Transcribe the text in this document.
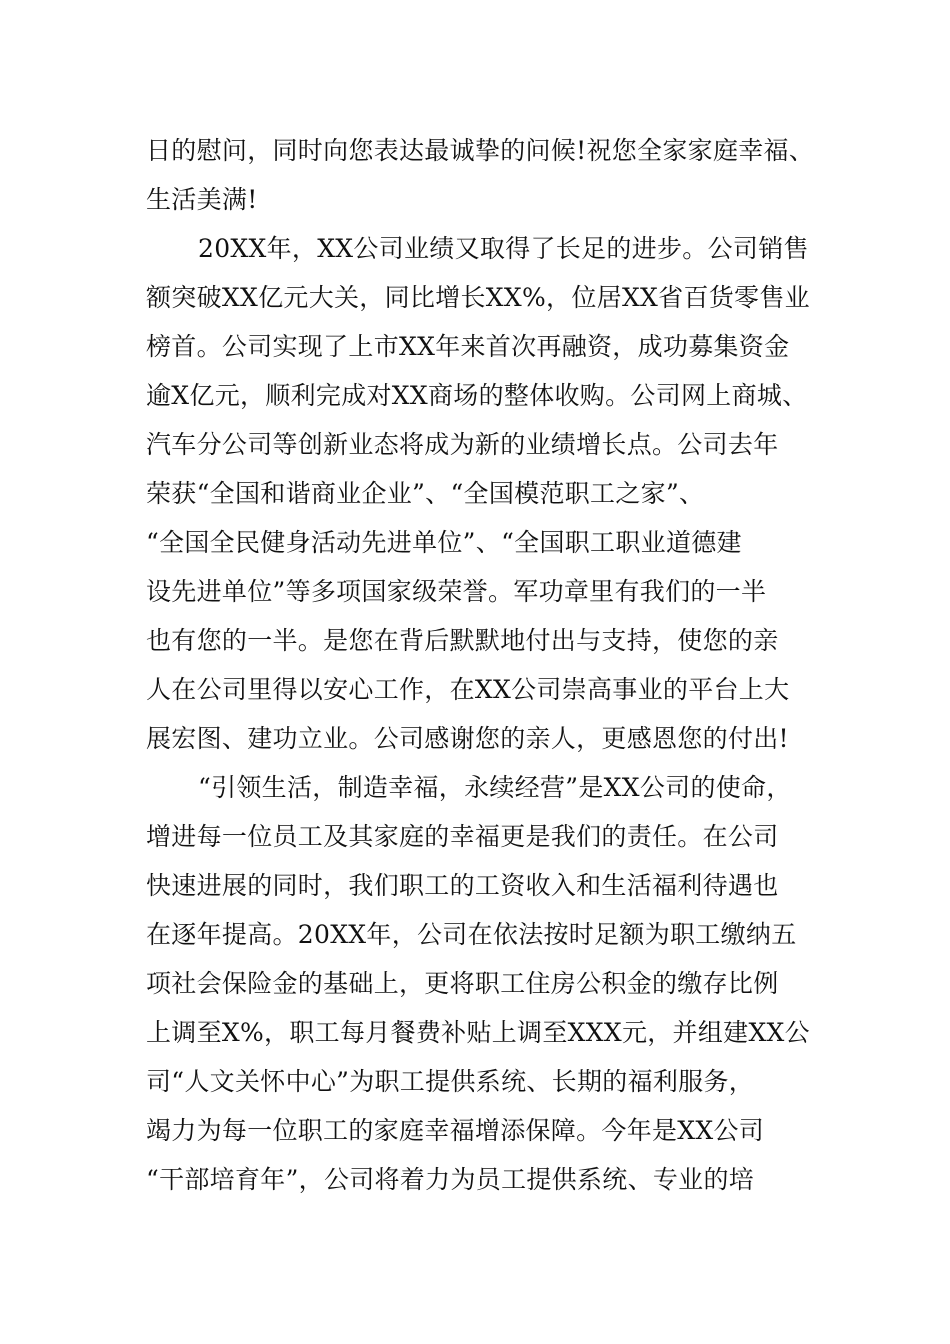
日的慰问，同时向您表达最诚挚的问候!祝您全家家庭幸福、
生活美满!

20XX年，XX公司业绩又取得了长足的进步。公司销售
额突破XX亿元大关，同比增长XX%，位居XX省百货零售业
榜首。公司实现了上市XX年来首次再融资，成功募集资金
逾X亿元，顺利完成对XX商场的整体收购。公司网上商城、
汽车分公司等创新业态将成为新的业绩增长点。公司去年
荣获“全国和谐商业企业”、“全国模范职工之家”、
“全国全民健身活动先进单位”、“全国职工职业道德建
设先进单位”等多项国家级荣誉。军功章里有我们的一半
也有您的一半。是您在背后默默地付出与支持，使您的亲
人在公司里得以安心工作，在XX公司崇高事业的平台上大
展宏图、建功立业。公司感谢您的亲人，更感恩您的付出!

“引领生活，制造幸福，永续经营”是XX公司的使命，
增进每一位员工及其家庭的幸福更是我们的责任。在公司
快速进展的同时，我们职工的工资收入和生活福利待遇也
在逐年提高。20XX年，公司在依法按时足额为职工缴纳五
项社会保险金的基础上，更将职工住房公积金的缴存比例
上调至X%，职工每月餐费补贴上调至XXX元，并组建XX公
司“人文关怀中心”为职工提供系统、长期的福利服务，
竭力为每一位职工的家庭幸福增添保障。今年是XX公司
“干部培育年”，公司将着力为员工提供系统、专业的培
